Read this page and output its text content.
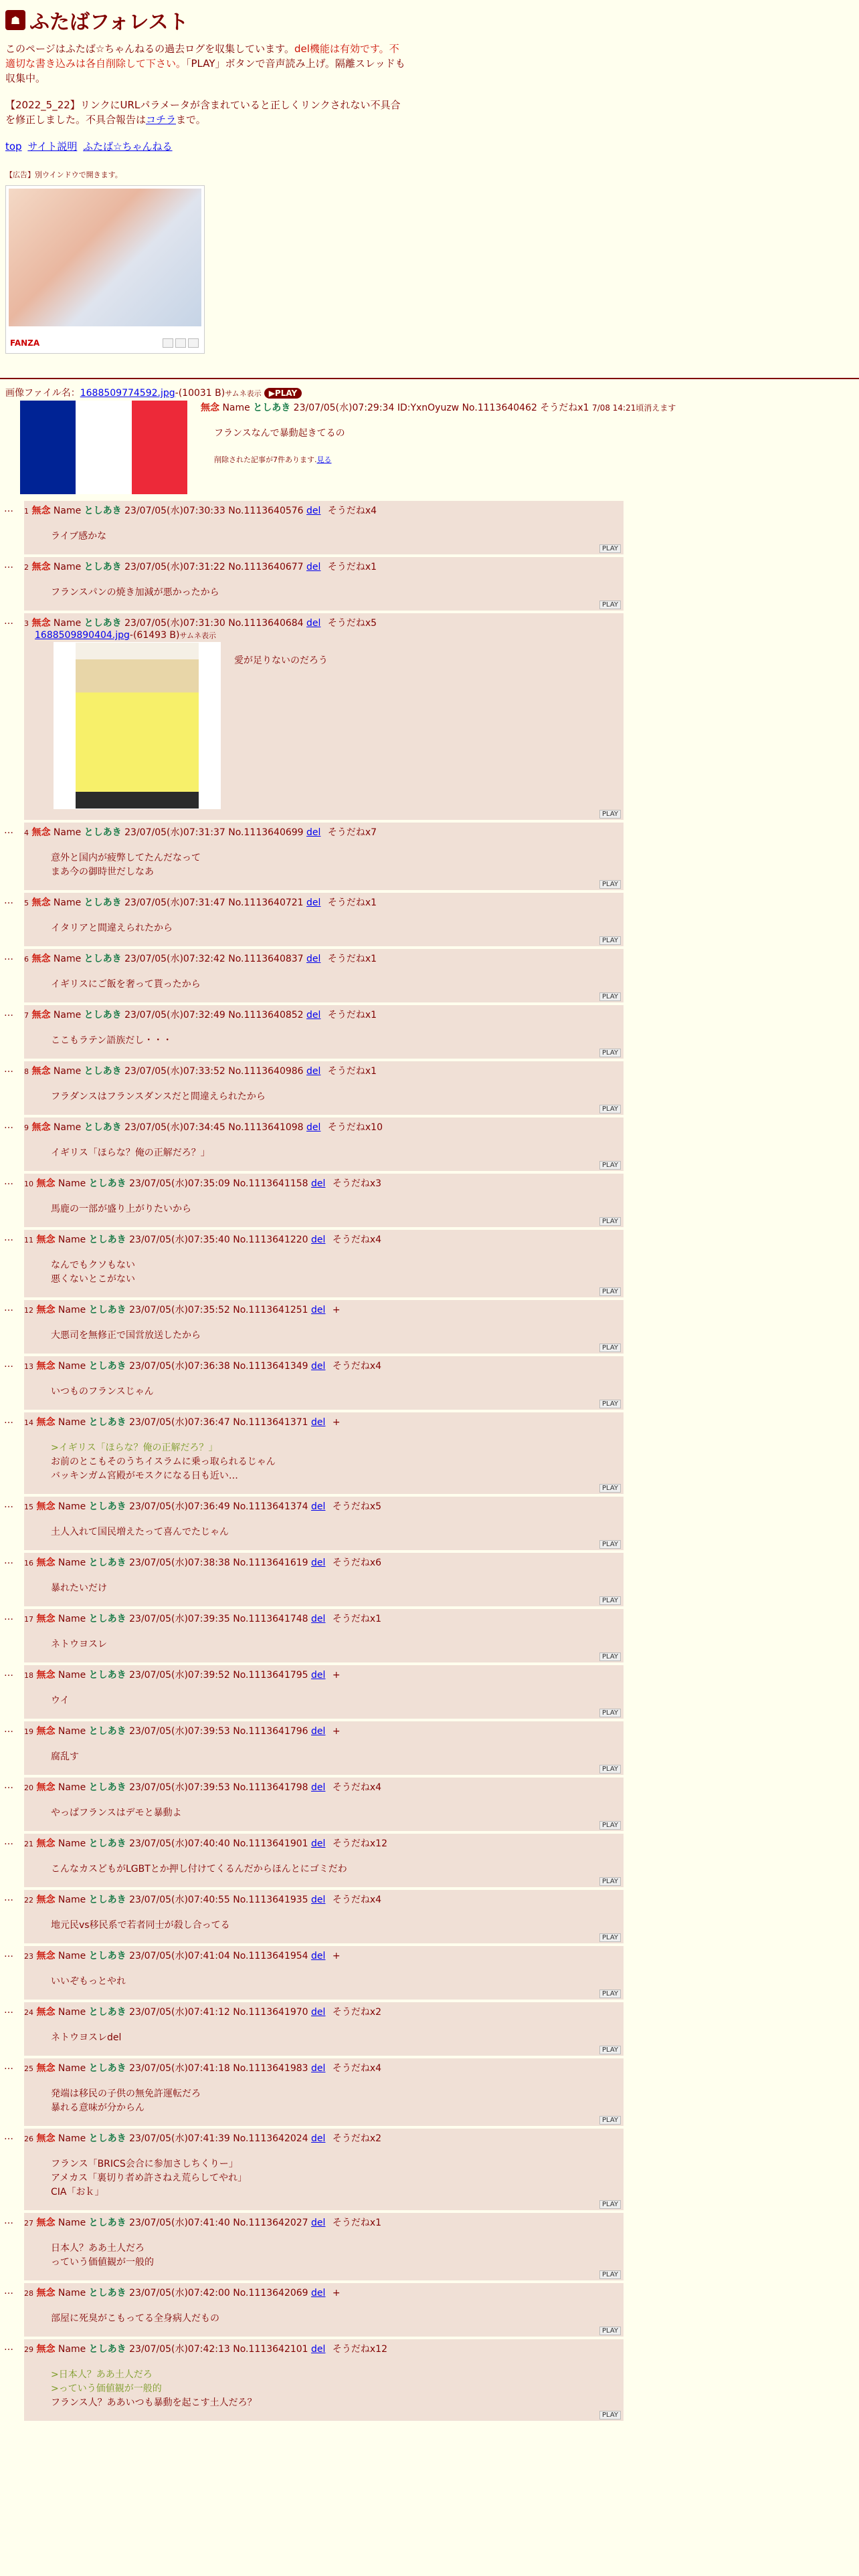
☗ ふたばフォレスト
このページはふたば☆ちゃんねるの過去ログを収集しています。del機能は有効です。不適切な書き込みは各自削除して下さい。「PLAY」ボタンで音声読み上げ。隔離スレッドも収集中。
【2022_5_22】リンクにURLパラメータが含まれていると正しくリンクされない不具合を修正しました。不具合報告はコチラまで。
top サイト説明 ふたば☆ちゃんねる
【広告】別ウインドウで開きます。
FANZA
画像ファイル名：1688509774592.jpg-(10031 B)サムネ表示 ▶PLAY
無念 Name としあき 23/07/05(水)07:29:34 ID:YxnOyuzw No.1113640462 そうだねx1 7/08 14:21頃消えます
フランスなんで暴動起きてるの
削除された記事が7件あります.見る
…	1 無念 Name としあき 23/07/05(水)07:30:33 No.1113640576 del そうだねx4
ライブ感かな
PLAY
…	2 無念 Name としあき 23/07/05(水)07:31:22 No.1113640677 del そうだねx1
フランスパンの焼き加減が悪かったから
PLAY
…	3 無念 Name としあき 23/07/05(水)07:31:30 No.1113640684 del そうだねx5
1688509890404.jpg-(61493 B)サムネ表示
愛が足りないのだろう
PLAY
…	4 無念 Name としあき 23/07/05(水)07:31:37 No.1113640699 del そうだねx7
意外と国内が疲弊してたんだなって
まあ今の御時世だしなあ
PLAY
…	5 無念 Name としあき 23/07/05(水)07:31:47 No.1113640721 del そうだねx1
イタリアと間違えられたから
PLAY
…	6 無念 Name としあき 23/07/05(水)07:32:42 No.1113640837 del そうだねx1
イギリスにご飯を奢って貰ったから
PLAY
…	7 無念 Name としあき 23/07/05(水)07:32:49 No.1113640852 del そうだねx1
ここもラテン語族だし・・・
PLAY
…	8 無念 Name としあき 23/07/05(水)07:33:52 No.1113640986 del そうだねx1
フラダンスはフランスダンスだと間違えられたから
PLAY
…	9 無念 Name としあき 23/07/05(水)07:34:45 No.1113641098 del そうだねx10
イギリス「ほらな？俺の正解だろ？」
PLAY
…	10 無念 Name としあき 23/07/05(水)07:35:09 No.1113641158 del そうだねx3
馬鹿の一部が盛り上がりたいから
PLAY
…	11 無念 Name としあき 23/07/05(水)07:35:40 No.1113641220 del そうだねx4
なんでもクソもない
悪くないとこがない
PLAY
…	12 無念 Name としあき 23/07/05(水)07:35:52 No.1113641251 del +
大悪司を無修正で国営放送したから
PLAY
…	13 無念 Name としあき 23/07/05(水)07:36:38 No.1113641349 del そうだねx4
いつものフランスじゃん
PLAY
…	14 無念 Name としあき 23/07/05(水)07:36:47 No.1113641371 del +
>イギリス「ほらな？俺の正解だろ？」
お前のとこもそのうちイスラムに乗っ取られるじゃん
バッキンガム宮殿がモスクになる日も近い…
PLAY
…	15 無念 Name としあき 23/07/05(水)07:36:49 No.1113641374 del そうだねx5
土人入れて国民増えたって喜んでたじゃん
PLAY
…	16 無念 Name としあき 23/07/05(水)07:38:38 No.1113641619 del そうだねx6
暴れたいだけ
PLAY
…	17 無念 Name としあき 23/07/05(水)07:39:35 No.1113641748 del そうだねx1
ネトウヨスレ
PLAY
…	18 無念 Name としあき 23/07/05(水)07:39:52 No.1113641795 del +
ウイ
PLAY
…	19 無念 Name としあき 23/07/05(水)07:39:53 No.1113641796 del +
腐乱す
PLAY
…	20 無念 Name としあき 23/07/05(水)07:39:53 No.1113641798 del そうだねx4
やっぱフランスはデモと暴動よ
PLAY
…	21 無念 Name としあき 23/07/05(水)07:40:40 No.1113641901 del そうだねx12
こんなカスどもがLGBTとか押し付けてくるんだからほんとにゴミだわ
PLAY
…	22 無念 Name としあき 23/07/05(水)07:40:55 No.1113641935 del そうだねx4
地元民vs移民系で若者同士が殺し合ってる
PLAY
…	23 無念 Name としあき 23/07/05(水)07:41:04 No.1113641954 del +
いいぞもっとやれ
PLAY
…	24 無念 Name としあき 23/07/05(水)07:41:12 No.1113641970 del そうだねx2
ネトウヨスレdel
PLAY
…	25 無念 Name としあき 23/07/05(水)07:41:18 No.1113641983 del そうだねx4
発端は移民の子供の無免許運転だろ
暴れる意味が分からん
PLAY
…	26 無念 Name としあき 23/07/05(水)07:41:39 No.1113642024 del そうだねx2
フランス「BRICS会合に参加さしちくりー」
アメカス「裏切り者め許さねえ荒らしてやれ」
CIA「おｋ」
PLAY
…	27 無念 Name としあき 23/07/05(水)07:41:40 No.1113642027 del そうだねx1
日本人？ああ土人だろ
っていう価値観が一般的
PLAY
…	28 無念 Name としあき 23/07/05(水)07:42:00 No.1113642069 del +
部屋に死臭がこもってる全身病人だもの
PLAY
…	29 無念 Name としあき 23/07/05(水)07:42:13 No.1113642101 del そうだねx12
>日本人？ああ土人だろ
>っていう価値観が一般的
フランス人？ああいつも暴動を起こす土人だろ？
PLAY
